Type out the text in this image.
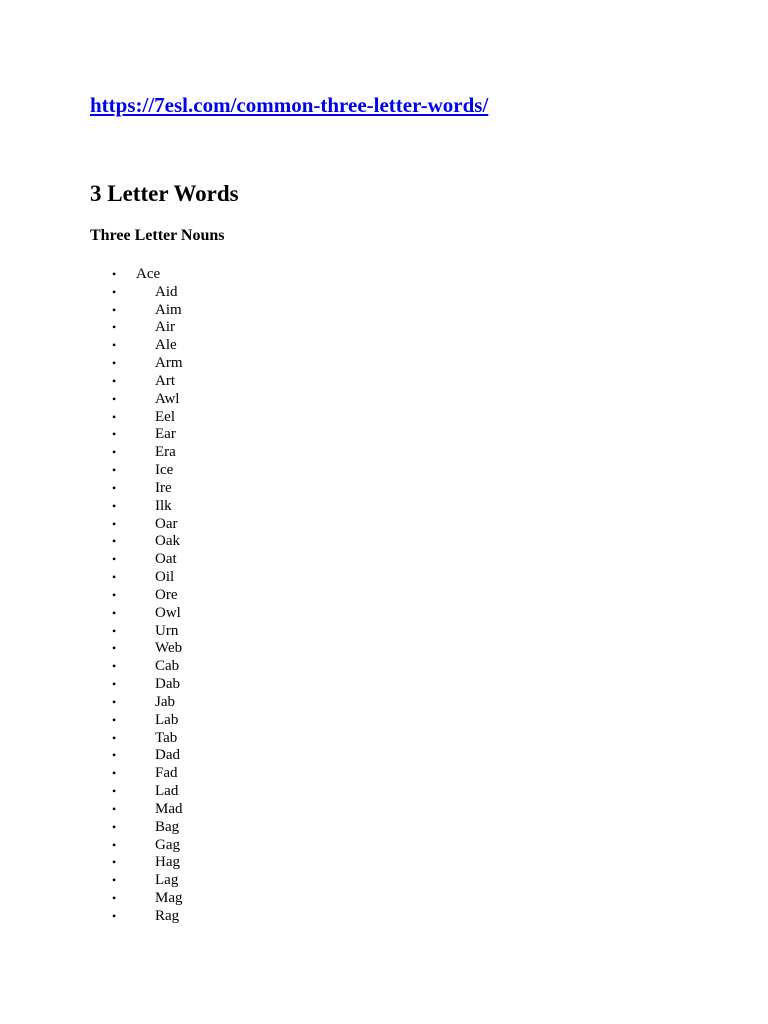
https://7esl.com/common-three-letter-words/
3 Letter Words
Three Letter Nouns
• Ace
•	Aid
•	Aim
•	Air
•	Ale
•	Arm
•	Art
•	Awl
•	Eel
•	Ear
•	Era
•	Ice
•	Ire
•	Ilk
•	Oar
•	Oak
•	Oat
•	Oil
•	Ore
•	Owl
•	Urn
•	Web
•	Cab
•	Dab
•	Jab
•	Lab
•	Tab
•	Dad
•	Fad
•	Lad
•	Mad
•	Bag
•	Gag
•	Hag
•	Lag
•	Mag
•	Rag
